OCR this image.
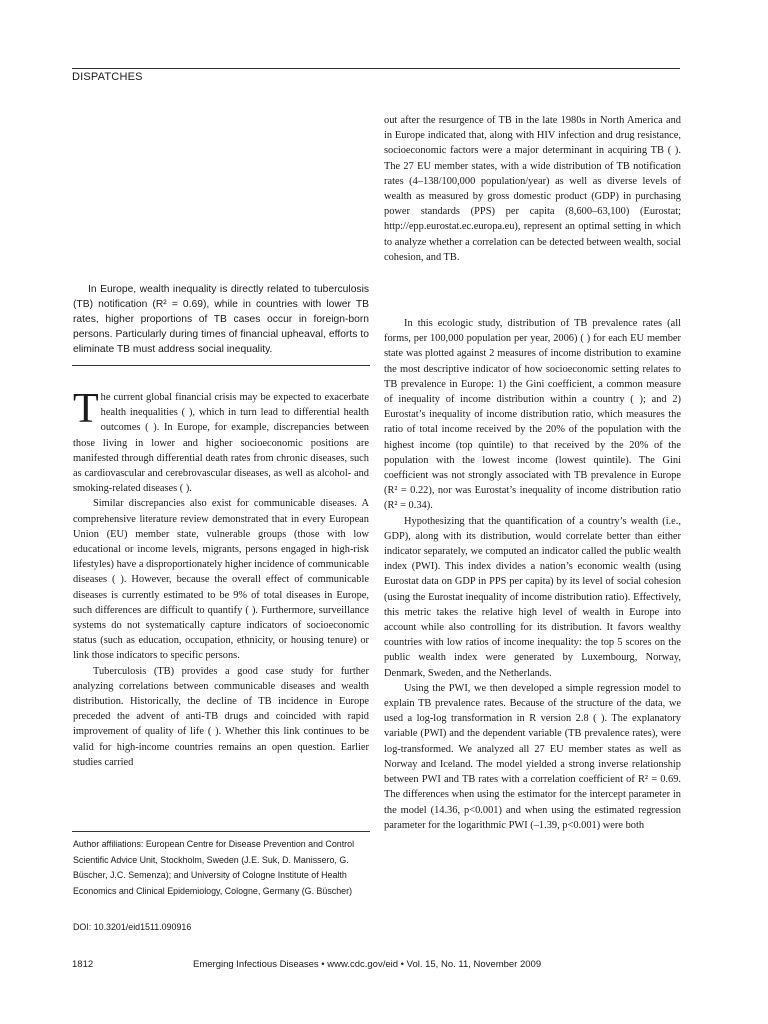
DISPATCHES

out after the resurgence of TB in the late 1980s in North America and in Europe indicated that, along with HIV infection and drug resistance, socioeconomic factors were a major determinant in acquiring TB ( ). The 27 EU member states, with a wide distribution of TB notification rates (4–138/100,000 population/year) as well as diverse levels of wealth as measured by gross domestic product (GDP) in purchasing power standards (PPS) per capita (8,600–63,100) (Eurostat; http://epp.eurostat.ec.europa.eu), represent an optimal setting in which to analyze whether a correlation can be detected between wealth, social cohesion, and TB.

In Europe, wealth inequality is directly related to tuberculosis (TB) notification (R² = 0.69), while in countries with lower TB rates, higher proportions of TB cases occur in foreign-born persons. Particularly during times of financial upheaval, efforts to eliminate TB must address social inequality.

The current global financial crisis may be expected to exacerbate health inequalities ( ), which in turn lead to differential health outcomes ( ). In Europe, for example, discrepancies between those living in lower and higher socioeconomic positions are manifested through differential death rates from chronic diseases, such as cardiovascular and cerebrovascular diseases, as well as alcohol- and smoking-related diseases ( ).

Similar discrepancies also exist for communicable diseases. A comprehensive literature review demonstrated that in every European Union (EU) member state, vulnerable groups (those with low educational or income levels, migrants, persons engaged in high-risk lifestyles) have a disproportionately higher incidence of communicable diseases ( ). However, because the overall effect of communicable diseases is currently estimated to be 9% of total diseases in Europe, such differences are difficult to quantify ( ). Furthermore, surveillance systems do not systematically capture indicators of socioeconomic status (such as education, occupation, ethnicity, or housing tenure) or link those indicators to specific persons.

Tuberculosis (TB) provides a good case study for further analyzing correlations between communicable diseases and wealth distribution. Historically, the decline of TB incidence in Europe preceded the advent of anti-TB drugs and coincided with rapid improvement of quality of life ( ). Whether this link continues to be valid for high-income countries remains an open question. Earlier studies carried

Author affiliations: European Centre for Disease Prevention and Control Scientific Advice Unit, Stockholm, Sweden (J.E. Suk, D. Manissero, G. Büscher, J.C. Semenza); and University of Cologne Institute of Health Economics and Clinical Epidemiology, Cologne, Germany (G. Büscher)
DOI: 10.3201/eid1511.090916

In this ecologic study, distribution of TB prevalence rates (all forms, per 100,000 population per year, 2006) ( ) for each EU member state was plotted against 2 measures of income distribution to examine the most descriptive indicator of how socioeconomic setting relates to TB prevalence in Europe: 1) the Gini coefficient, a common measure of inequality of income distribution within a country ( ); and 2) Eurostat’s inequality of income distribution ratio, which measures the ratio of total income received by the 20% of the population with the highest income (top quintile) to that received by the 20% of the population with the lowest income (lowest quintile). The Gini coefficient was not strongly associated with TB prevalence in Europe (R² = 0.22), nor was Eurostat’s inequality of income distribution ratio (R² = 0.34).

Hypothesizing that the quantification of a country’s wealth (i.e., GDP), along with its distribution, would correlate better than either indicator separately, we computed an indicator called the public wealth index (PWI). This index divides a nation’s economic wealth (using Eurostat data on GDP in PPS per capita) by its level of social cohesion (using the Eurostat inequality of income distribution ratio). Effectively, this metric takes the relative high level of wealth in Europe into account while also controlling for its distribution. It favors wealthy countries with low ratios of income inequality: the top 5 scores on the public wealth index were generated by Luxembourg, Norway, Denmark, Sweden, and the Netherlands.

Using the PWI, we then developed a simple regression model to explain TB prevalence rates. Because of the structure of the data, we used a log-log transformation in R version 2.8 ( ). The explanatory variable (PWI) and the dependent variable (TB prevalence rates), were log-transformed. We analyzed all 27 EU member states as well as Norway and Iceland. The model yielded a strong inverse relationship between PWI and TB rates with a correlation coefficient of R² = 0.69. The differences when using the estimator for the intercept parameter in the model (14.36, p<0.001) and when using the estimated regression parameter for the logarithmic PWI (–1.39, p<0.001) were both

1812	Emerging Infectious Diseases • www.cdc.gov/eid • Vol. 15, No. 11, November 2009
